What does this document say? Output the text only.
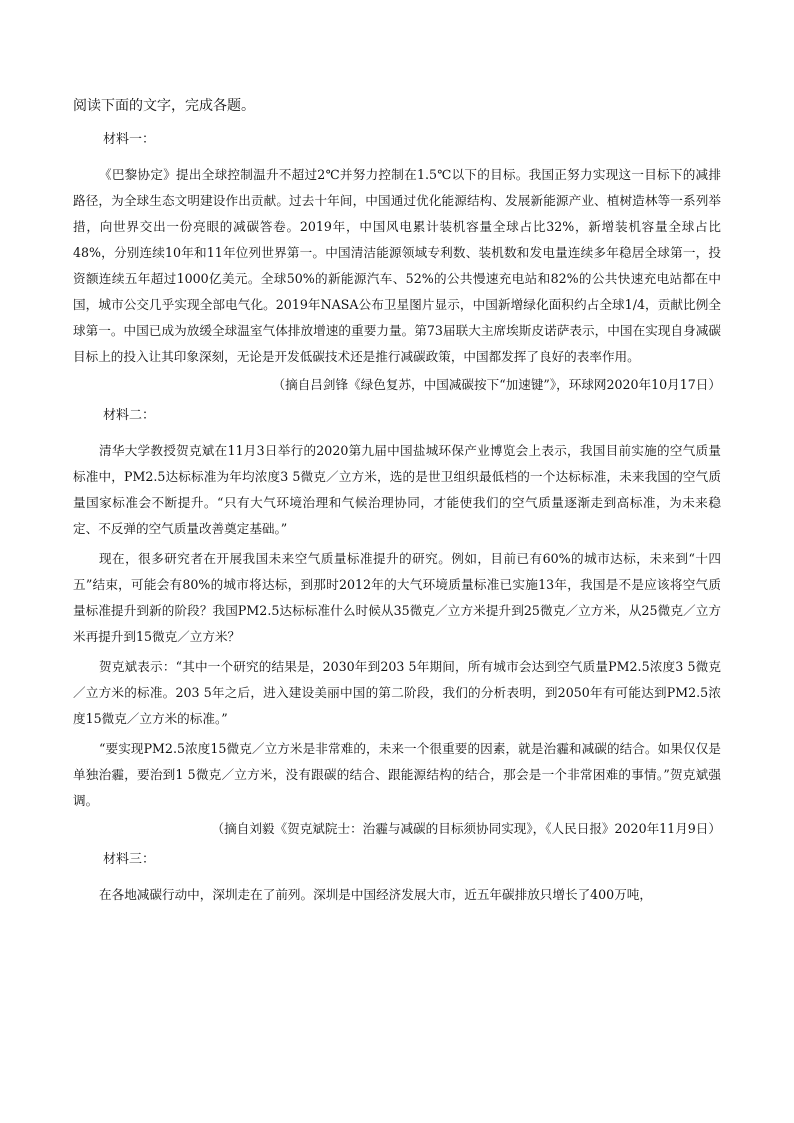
阅读下面的文字，完成各题。

材料一：

《巴黎协定》提出全球控制温升不超过2℃并努力控制在1.5℃以下的目标。我国正努力实现这一目标下的减排路径，为全球生态文明建设作出贡献。过去十年间，中国通过优化能源结构、发展新能源产业、植树造林等一系列举措，向世界交出一份亮眼的减碳答卷。2019年，中国风电累计装机容量全球占比32%，新增装机容量全球占比48%，分别连续10年和11年位列世界第一。中国清洁能源领域专利数、装机数和发电量连续多年稳居全球第一，投资额连续五年超过1000亿美元。全球50%的新能源汽车、52%的公共慢速充电站和82%的公共快速充电站都在中国，城市公交几乎实现全部电气化。2019年NASA公布卫星图片显示，中国新增绿化面积约占全球1/4，贡献比例全球第一。中国已成为放缓全球温室气体排放增速的重要力量。第73届联大主席埃斯皮诺萨表示，中国在实现自身减碳目标上的投入让其印象深刻，无论是开发低碳技术还是推行减碳政策，中国都发挥了良好的表率作用。

（摘自吕剑锋《绿色复苏，中国减碳按下“加速键”》，环球网2020年10月17日）

材料二：

清华大学教授贺克斌在11月3日举行的2020第九届中国盐城环保产业博览会上表示，我国目前实施的空气质量标准中，PM2.5达标标准为年均浓度3 5微克／立方米，选的是世卫组织最低档的一个达标标准，未来我国的空气质量国家标准会不断提升。“只有大气环境治理和气候治理协同，才能使我们的空气质量逐渐走到高标准，为未来稳定、不反弹的空气质量改善奠定基础。”

现在，很多研究者在开展我国未来空气质量标准提升的研究。例如，目前已有60%的城市达标，未来到“十四五”结束，可能会有80%的城市将达标，到那时2012年的大气环境质量标准已实施13年，我国是不是应该将空气质量标准提升到新的阶段？我国PM2.5达标标准什么时候从35微克／立方米提升到25微克／立方米，从25微克／立方米再提升到15微克／立方米？

贺克斌表示：“其中一个研究的结果是，2030年到203 5年期间，所有城市会达到空气质量PM2.5浓度3 5微克／立方米的标准。203 5年之后，进入建设美丽中国的第二阶段，我们的分析表明，到2050年有可能达到PM2.5浓度15微克／立方米的标准。”

“要实现PM2.5浓度15微克／立方米是非常难的，未来一个很重要的因素，就是治霾和减碳的结合。如果仅仅是单独治霾，要治到1 5微克／立方米，没有跟碳的结合、跟能源结构的结合，那会是一个非常困难的事情。”贺克斌强调。

（摘自刘毅《贺克斌院士：治霾与减碳的目标须协同实现》，《人民日报》2020年11月9日）

材料三：

在各地减碳行动中，深圳走在了前列。深圳是中国经济发展大市，近五年碳排放只增长了400万吨，
